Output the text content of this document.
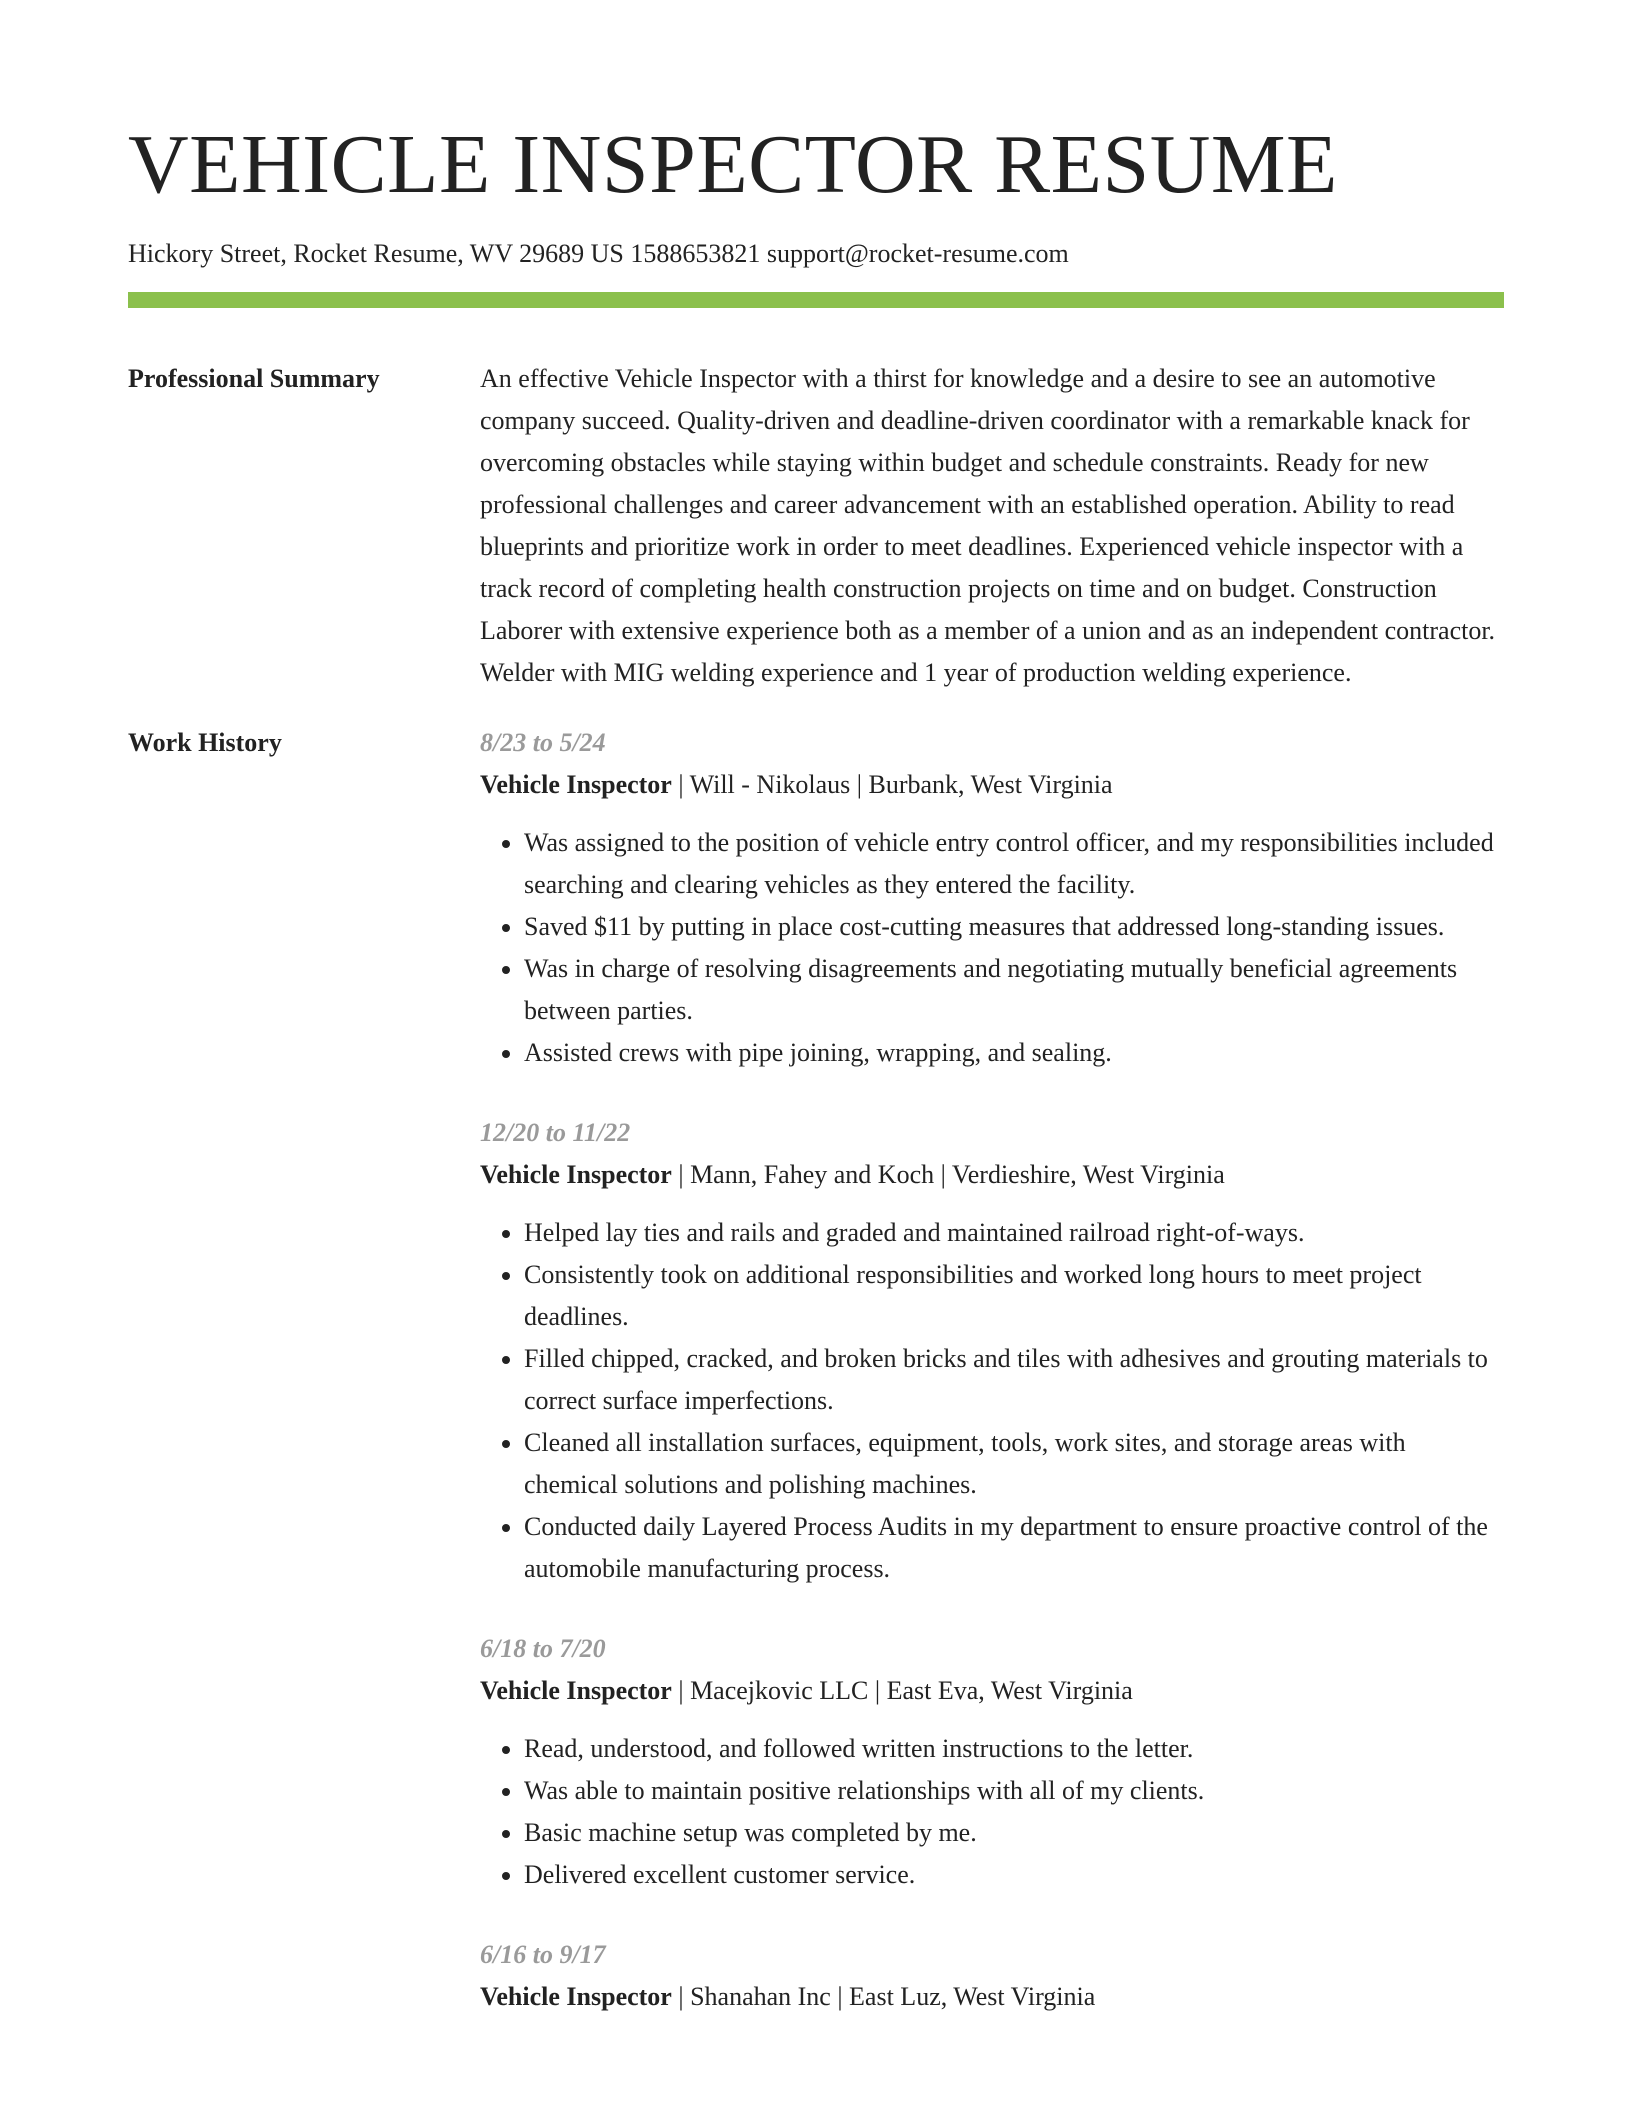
VEHICLE INSPECTOR RESUME
Hickory Street, Rocket Resume, WV 29689 US 1588653821 support@rocket-resume.com
Professional Summary	An effective Vehicle Inspector with a thirst for knowledge and a desire to see an automotive company succeed. Quality-driven and deadline-driven coordinator with a remarkable knack for overcoming obstacles while staying within budget and schedule constraints. Ready for new professional challenges and career advancement with an established operation. Ability to read blueprints and prioritize work in order to meet deadlines. Experienced vehicle inspector with a track record of completing health construction projects on time and on budget. Construction Laborer with extensive experience both as a member of a union and as an independent contractor. Welder with MIG welding experience and 1 year of production welding experience.

Work History	8/23 to 5/24
Vehicle Inspector | Will - Nikolaus | Burbank, West Virginia
• Was assigned to the position of vehicle entry control officer, and my responsibilities included searching and clearing vehicles as they entered the facility.
• Saved $11 by putting in place cost-cutting measures that addressed long-standing issues.
• Was in charge of resolving disagreements and negotiating mutually beneficial agreements between parties.
• Assisted crews with pipe joining, wrapping, and sealing.
12/20 to 11/22
Vehicle Inspector | Mann, Fahey and Koch | Verdieshire, West Virginia
• Helped lay ties and rails and graded and maintained railroad right-of-ways.
• Consistently took on additional responsibilities and worked long hours to meet project deadlines.
• Filled chipped, cracked, and broken bricks and tiles with adhesives and grouting materials to correct surface imperfections.
• Cleaned all installation surfaces, equipment, tools, work sites, and storage areas with chemical solutions and polishing machines.
• Conducted daily Layered Process Audits in my department to ensure proactive control of the automobile manufacturing process.
6/18 to 7/20
Vehicle Inspector | Macejkovic LLC | East Eva, West Virginia
• Read, understood, and followed written instructions to the letter.
• Was able to maintain positive relationships with all of my clients.
• Basic machine setup was completed by me.
• Delivered excellent customer service.
6/16 to 9/17
Vehicle Inspector | Shanahan Inc | East Luz, West Virginia
